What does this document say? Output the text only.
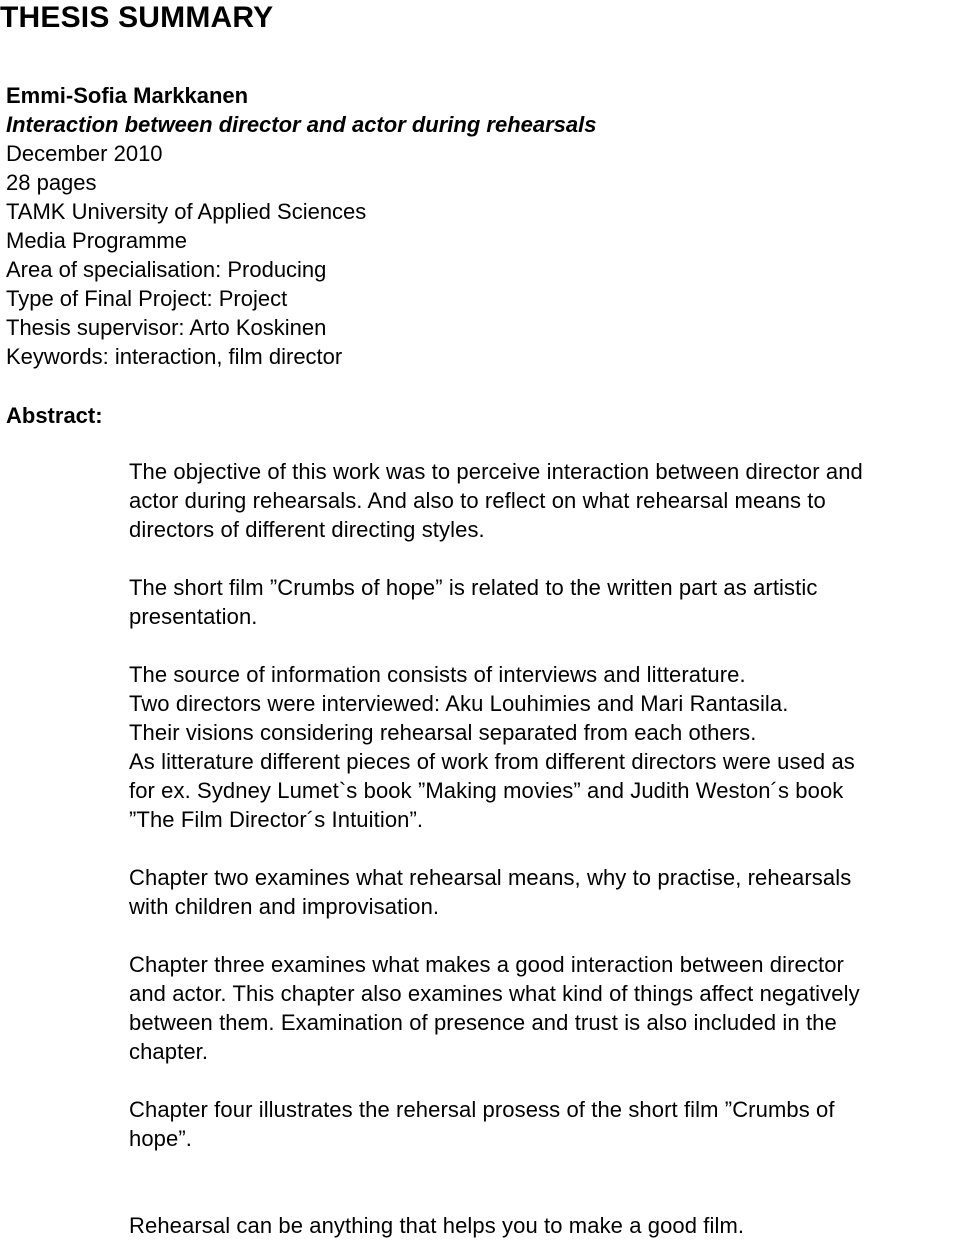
THESIS SUMMARY
Emmi-Sofia Markkanen
Interaction between director and actor during rehearsals
December 2010
28 pages
TAMK University of Applied Sciences
Media Programme
Area of specialisation: Producing
Type of Final Project: Project
Thesis supervisor: Arto Koskinen
Keywords: interaction, film director
Abstract:

The objective of this work was to perceive interaction between director and
actor during rehearsals. And also to reflect on what rehearsal means to
directors of different directing styles.

The short film ”Crumbs of hope” is related to the written part as artistic
presentation.

The source of information consists of interviews and litterature.
Two directors were interviewed: Aku Louhimies and Mari Rantasila.
Their visions considering rehearsal separated from each others.
As litterature different pieces of work from different directors were used as
for ex. Sydney Lumet`s book ”Making movies” and Judith Weston´s book
”The Film Director´s Intuition”.

Chapter two examines what rehearsal means, why to practise, rehearsals
with children and improvisation.

Chapter three examines what makes a good interaction between director
and actor. This chapter also examines what kind of things affect negatively
between them. Examination of presence and trust is also included in the
chapter.

Chapter four illustrates the rehersal prosess of the short film ”Crumbs of
hope”.

Rehearsal can be anything that helps you to make a good film.
